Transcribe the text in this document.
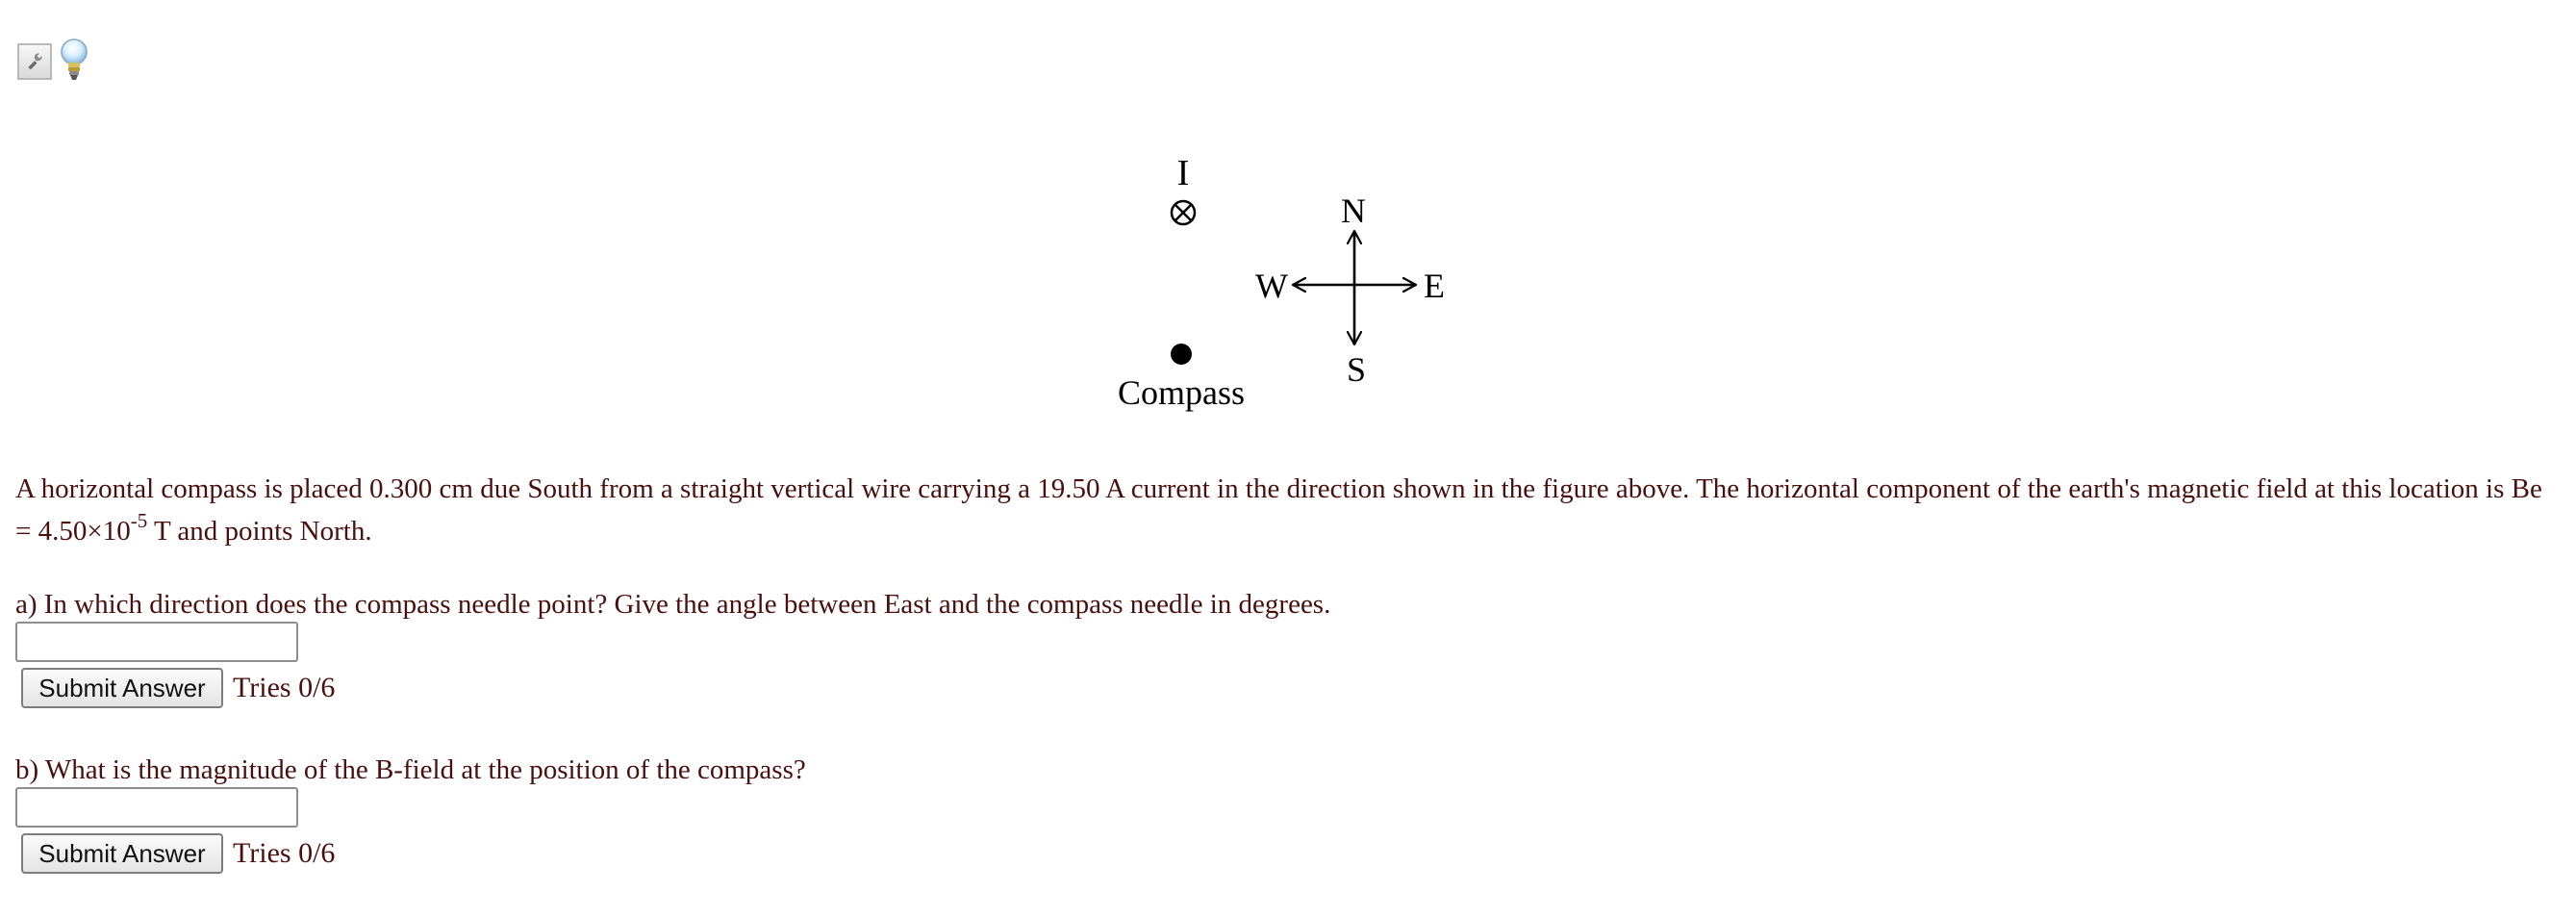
I
Compass
N
S
E
W
A horizontal compass is placed 0.300 cm due South from a straight vertical wire carrying a 19.50 A current in the direction shown in the figure above. The horizontal component of the earth's magnetic field at this location is $Be = 4.50\times 10^{-5}$ T and points North.
a) In which direction does the compass needle point? Give the angle between East and the compass needle in degrees.
Submit Answer Tries 0/6
b) What is the magnitude of the B-field at the position of the compass?
Submit Answer Tries 0/6
